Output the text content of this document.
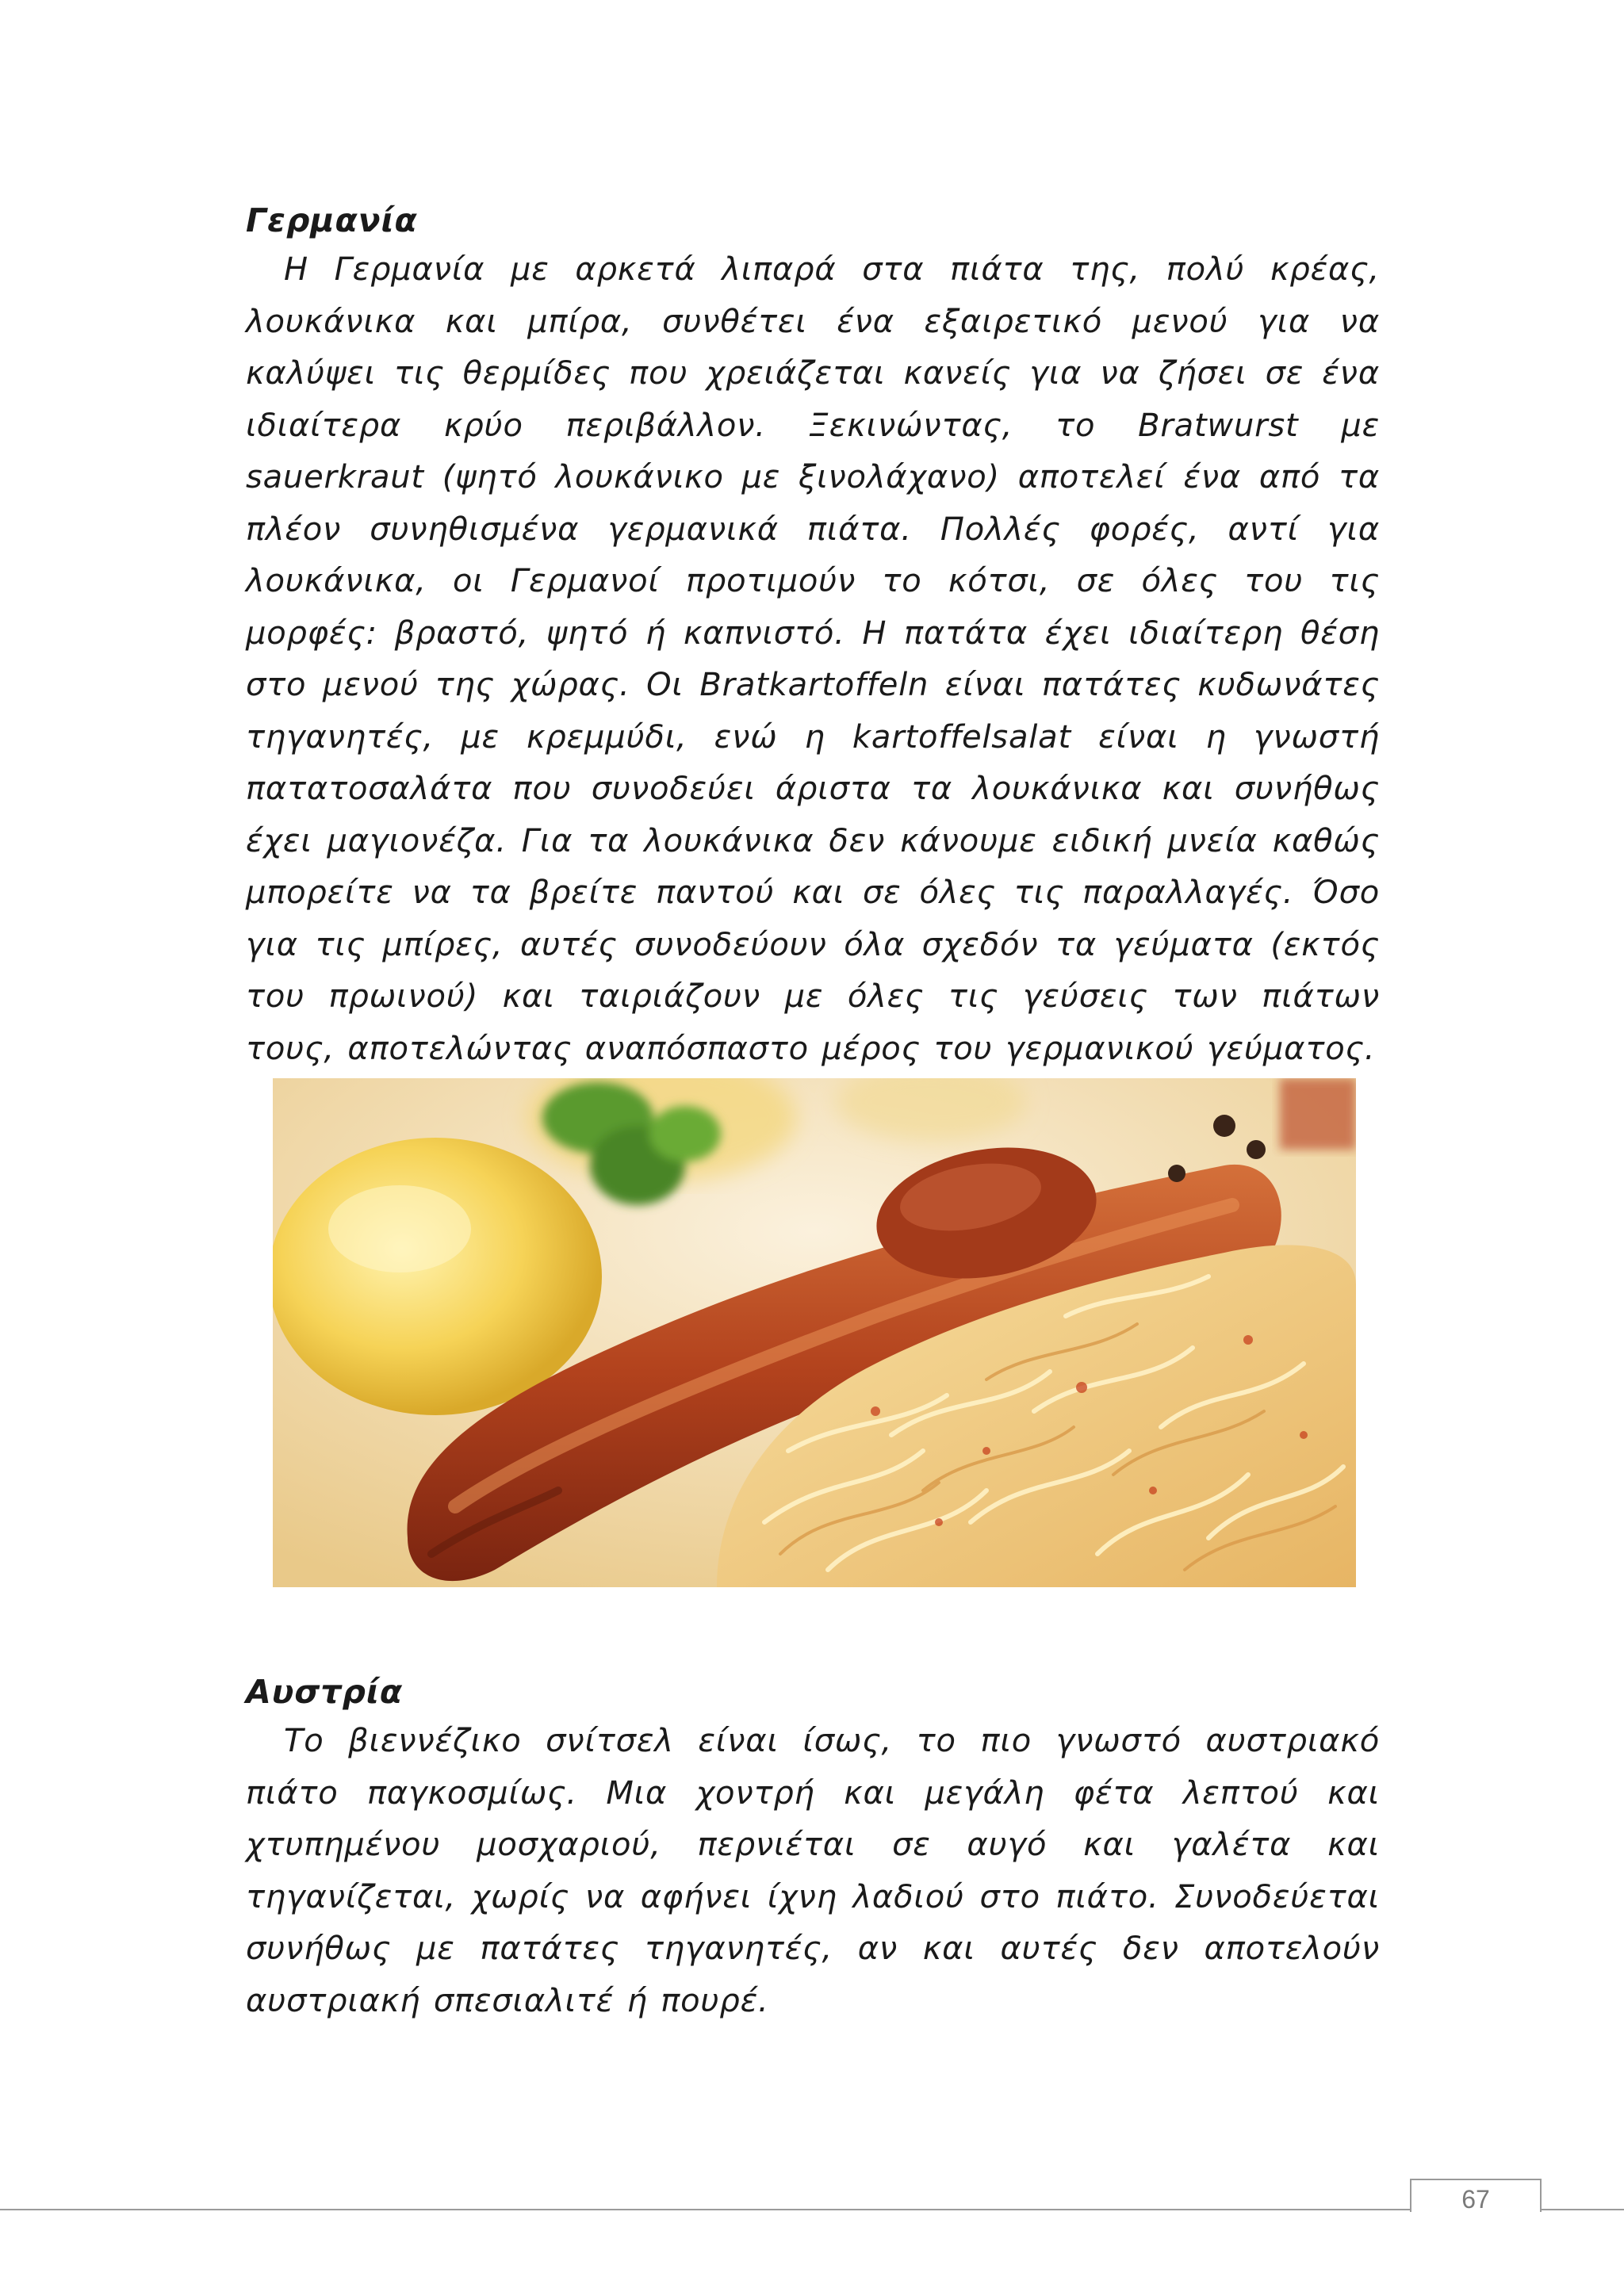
Γερμανία

Η Γερμανία με αρκετά λιπαρά στα πιάτα της, πολύ κρέας, λουκάνικα και μπίρα, συνθέτει ένα εξαιρετικό μενού για να καλύψει τις θερμίδες που χρειάζεται κανείς για να ζήσει σε ένα ιδιαίτερα κρύο περιβάλλον. Ξεκινώντας, το Bratwurst με sauerkraut (ψητό λουκάνικο με ξινολάχανο) αποτελεί ένα από τα πλέον συνηθισμένα γερμανικά πιάτα. Πολλές φορές, αντί για λουκάνικα, οι Γερμανοί προτιμούν το κότσι, σε όλες του τις μορφές: βραστό, ψητό ή καπνιστό. Η πατάτα έχει ιδιαίτερη θέση στο μενού της χώρας. Οι Bratkartoffeln είναι πατάτες κυδωνάτες τηγανητές, με κρεμμύδι, ενώ η kartoffelsalat είναι η γνωστή πατατοσαλάτα που συνοδεύει άριστα τα λουκάνικα και συνήθως έχει μαγιονέζα. Για τα λουκάνικα δεν κάνουμε ειδική μνεία καθώς μπορείτε να τα βρείτε παντού και σε όλες τις παραλλαγές. Όσο για τις μπίρες, αυτές συνοδεύουν όλα σχεδόν τα γεύματα (εκτός του πρωινού) και ταιριάζουν με όλες τις γεύσεις των πιάτων τους, αποτελώντας αναπόσπαστο μέρος του γερμανικού γεύματος.

Αυστρία

Το βιεννέζικο σνίτσελ είναι ίσως, το πιο γνωστό αυστριακό πιάτο παγκοσμίως. Μια χοντρή και μεγάλη φέτα λεπτού και χτυπημένου μοσχαριού, περνιέται σε αυγό και γαλέτα και τηγανίζεται, χωρίς να αφήνει ίχνη λαδιού στο πιάτο. Συνοδεύεται συνήθως με πατάτες τηγανητές, αν και αυτές δεν αποτελούν αυστριακή σπεσιαλιτέ ή πουρέ.

67
